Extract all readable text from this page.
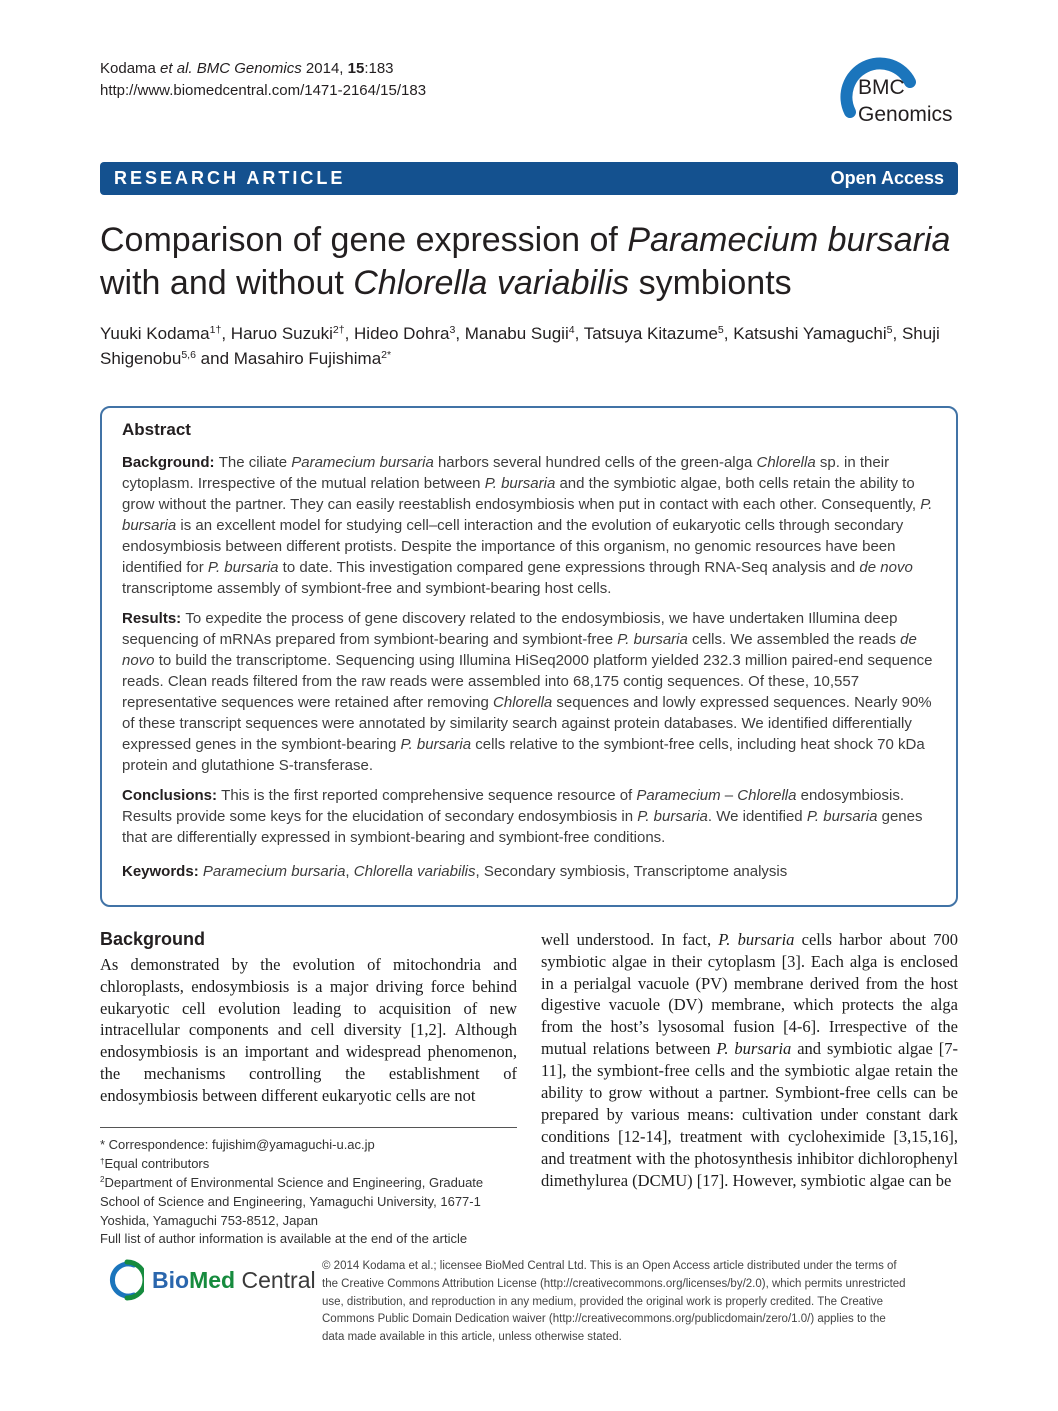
Kodama et al. BMC Genomics 2014, 15:183
http://www.biomedcentral.com/1471-2164/15/183	BMC
Genomics
RESEARCH ARTICLE	Open Access
Comparison of gene expression of Paramecium bursaria with and without Chlorella variabilis symbionts
Yuuki Kodama$^{1\dagger}$, Haruo Suzuki$^{2\dagger}$, Hideo Dohra$^3$, Manabu Sugii$^4$, Tatsuya Kitazume$^5$, Katsushi Yamaguchi$^5$, Shuji Shigenobu$^{5,6}$ and Masahiro Fujishima$^{2*}$
Abstract

Background: The ciliate Paramecium bursaria harbors several hundred cells of the green-alga Chlorella sp. in their cytoplasm. Irrespective of the mutual relation between P. bursaria and the symbiotic algae, both cells retain the ability to grow without the partner. They can easily reestablish endosymbiosis when put in contact with each other. Consequently, P. bursaria is an excellent model for studying cell–cell interaction and the evolution of eukaryotic cells through secondary endosymbiosis between different protists. Despite the importance of this organism, no genomic resources have been identified for P. bursaria to date. This investigation compared gene expressions through RNA-Seq analysis and de novo transcriptome assembly of symbiont-free and symbiont-bearing host cells.

Results: To expedite the process of gene discovery related to the endosymbiosis, we have undertaken Illumina deep sequencing of mRNAs prepared from symbiont-bearing and symbiont-free P. bursaria cells. We assembled the reads de novo to build the transcriptome. Sequencing using Illumina HiSeq2000 platform yielded 232.3 million paired-end sequence reads. Clean reads filtered from the raw reads were assembled into 68,175 contig sequences. Of these, 10,557 representative sequences were retained after removing Chlorella sequences and lowly expressed sequences. Nearly 90% of these transcript sequences were annotated by similarity search against protein databases. We identified differentially expressed genes in the symbiont-bearing P. bursaria cells relative to the symbiont-free cells, including heat shock 70 kDa protein and glutathione S-transferase.

Conclusions: This is the first reported comprehensive sequence resource of Paramecium – Chlorella endosymbiosis. Results provide some keys for the elucidation of secondary endosymbiosis in P. bursaria. We identified P. bursaria genes that are differentially expressed in symbiont-bearing and symbiont-free conditions.

Keywords: Paramecium bursaria, Chlorella variabilis, Secondary symbiosis, Transcriptome analysis

Background

As demonstrated by the evolution of mitochondria and chloroplasts, endosymbiosis is a major driving force behind eukaryotic cell evolution leading to acquisition of new intracellular components and cell diversity [1,2]. Although endosymbiosis is an important and widespread phenomenon, the mechanisms controlling the establishment of endosymbiosis between different eukaryotic cells are not

* Correspondence: fujishim@yamaguchi-u.ac.jp
†Equal contributors
$^2$Department of Environmental Science and Engineering, Graduate School of Science and Engineering, Yamaguchi University, 1677-1 Yoshida, Yamaguchi 753-8512, Japan
Full list of author information is available at the end of the article

well understood. In fact, P. bursaria cells harbor about 700 symbiotic algae in their cytoplasm [3]. Each alga is enclosed in a perialgal vacuole (PV) membrane derived from the host digestive vacuole (DV) membrane, which protects the alga from the host’s lysosomal fusion [4-6]. Irrespective of the mutual relations between P. bursaria and symbiotic algae [7-11], the symbiont-free cells and the symbiotic algae retain the ability to grow without a partner. Symbiont-free cells can be prepared by various means: cultivation under constant dark conditions [12-14], treatment with cycloheximide [3,15,16], and treatment with the photosynthesis inhibitor dichlorophenyl dimethylurea (DCMU) [17]. However, symbiotic algae can be

BioMed Central
© 2014 Kodama et al.; licensee BioMed Central Ltd. This is an Open Access article distributed under the terms of the Creative Commons Attribution License (http://creativecommons.org/licenses/by/2.0), which permits unrestricted use, distribution, and reproduction in any medium, provided the original work is properly credited. The Creative Commons Public Domain Dedication waiver (http://creativecommons.org/publicdomain/zero/1.0/) applies to the data made available in this article, unless otherwise stated.
